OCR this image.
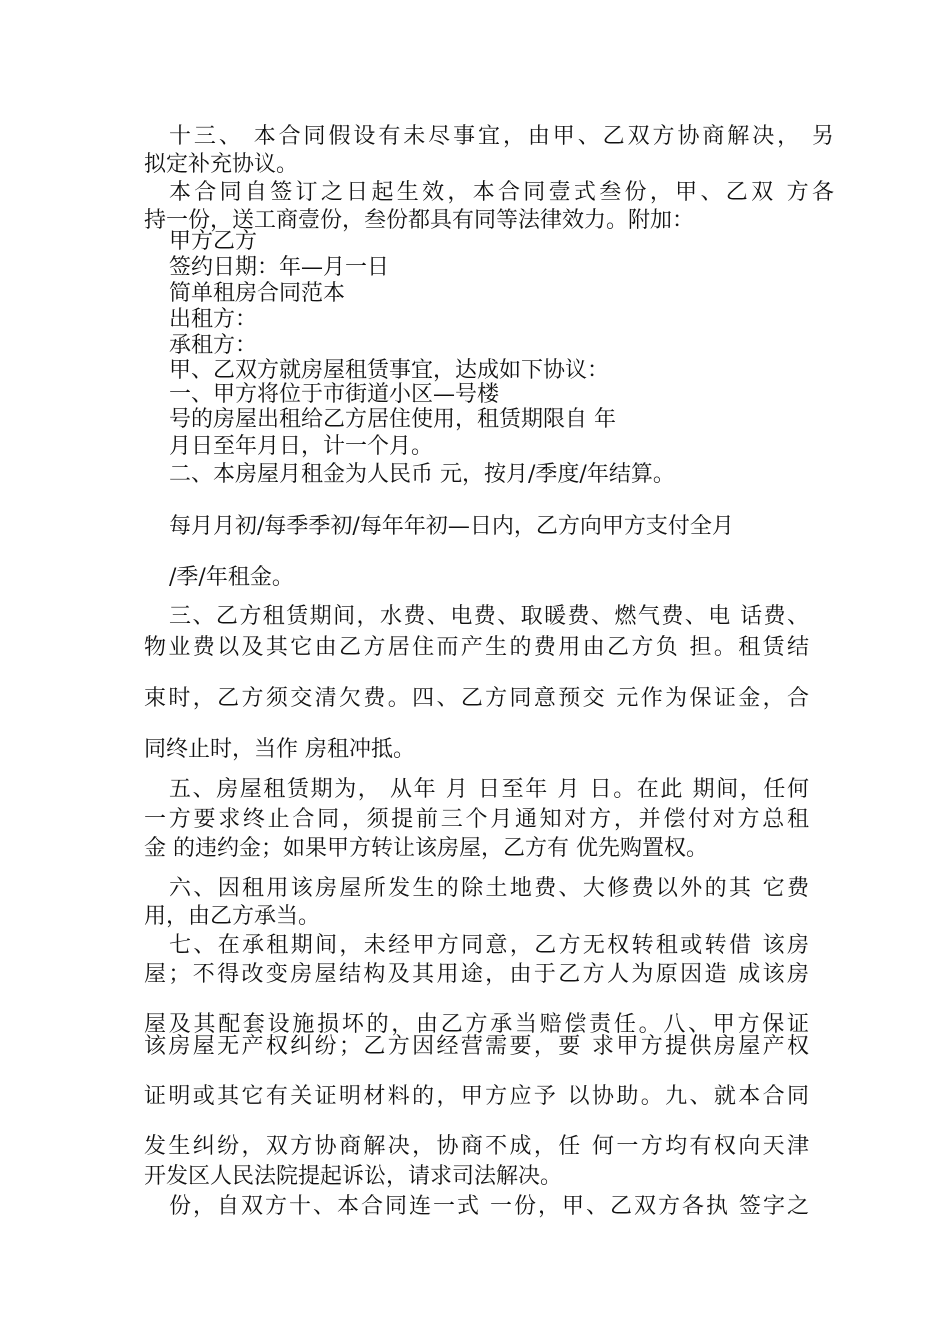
十三、 本合同假设有未尽事宜，由甲、乙双方协商解决， 另

拟定补充协议。

本合同自签订之日起生效，本合同壹式叁份，甲、乙双 方各

持一份，送工商壹份，叁份都具有同等法律效力。附加：

甲方乙方

签约日期：年—月一日

简单租房合同范本

出租方：

承租方：

甲、乙双方就房屋租赁事宜，达成如下协议：

一、甲方将位于市街道小区—号楼

号的房屋出租给乙方居住使用，租赁期限自 年

月日至年月日，计一个月。

二、本房屋月租金为人民币 元，按月/季度/年结算。

每月月初/每季季初/每年年初—日内，乙方向甲方支付全月

/季/年租金。

三、乙方租赁期间，水费、电费、取暖费、燃气费、电 话费、

物业费以及其它由乙方居住而产生的费用由乙方负 担。租赁结

束时，乙方须交清欠费。四、乙方同意预交 元作为保证金，合

同终止时，当作 房租冲抵。

五、房屋租赁期为， 从年 月 日至年 月 日。在此 期间，任何

一方要求终止合同，须提前三个月通知对方，并偿付对方总租

金 的违约金；如果甲方转让该房屋，乙方有 优先购置权。

六、因租用该房屋所发生的除土地费、大修费以外的其 它费

用，由乙方承当。

七、在承租期间，未经甲方同意，乙方无权转租或转借 该房

屋；不得改变房屋结构及其用途，由于乙方人为原因造 成该房

屋及其配套设施损坏的，由乙方承当赔偿责任。八、甲方保证

该房屋无产权纠纷；乙方因经营需要，要 求甲方提供房屋产权

证明或其它有关证明材料的，甲方应予 以协助。九、就本合同

发生纠纷，双方协商解决，协商不成，任 何一方均有权向天津

开发区人民法院提起诉讼，请求司法解决。

份，自双方十、本合同连一式 一份，甲、乙双方各执 签字之
